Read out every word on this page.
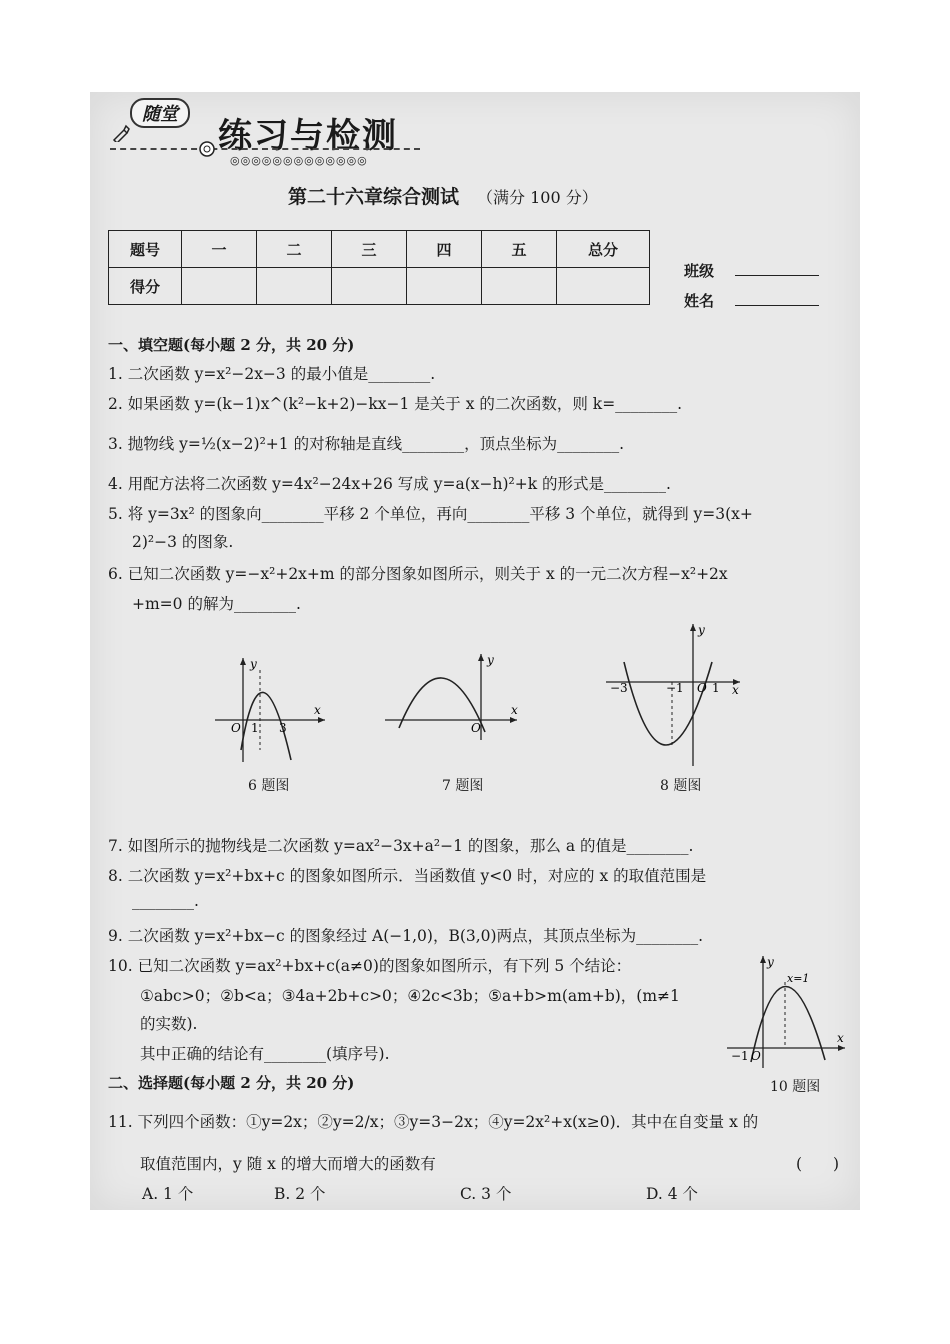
随堂
练习与检测
◎◎◎◎◎◎◎◎◎◎◎◎◎
第二十六章综合测试 （满分 100 分）
题号	一	二	三	四	五	总分
得分						
班级
姓名
一、填空题(每小题 2 分，共 20 分)
1. 二次函数 y=x²−2x−3 的最小值是________.
2. 如果函数 y=(k−1)x^(k²−k+2)−kx−1 是关于 x 的二次函数，则 k=________.
3. 抛物线 y=½(x−2)²+1 的对称轴是直线________，顶点坐标为________.
4. 用配方法将二次函数 y=4x²−24x+26 写成 y=a(x−h)²+k 的形式是________.
5. 将 y=3x² 的图象向________平移 2 个单位，再向________平移 3 个单位，就得到 y=3(x+
2)²−3 的图象.
6. 已知二次函数 y=−x²+2x+m 的部分图象如图所示，则关于 x 的一元二次方程−x²+2x
+m=0 的解为________.
y
x
O 1 3
6 题图
y
x
O
7 题图
y
x
−3	−1 O 1
8 题图
7. 如图所示的抛物线是二次函数 y=ax²−3x+a²−1 的图象，那么 a 的值是________.
8. 二次函数 y=x²+bx+c 的图象如图所示．当函数值 y<0 时，对应的 x 的取值范围是
________.
9. 二次函数 y=x²+bx−c 的图象经过 A(−1,0)，B(3,0)两点，其顶点坐标为________.
10. 已知二次函数 y=ax²+bx+c(a≠0)的图象如图所示，有下列 5 个结论：
①abc>0；②b<a；③4a+2b+c>0；④2c<3b；⑤a+b>m(am+b)，(m≠1
的实数).
其中正确的结论有________(填序号).
y
x
x=1
−1 O
10 题图
二、选择题(每小题 2 分，共 20 分)
11. 下列四个函数：①y=2x；②y=2/x；③y=3−2x；④y=2x²+x(x≥0)．其中在自变量 x 的
取值范围内，y 随 x 的增大而增大的函数有	(　　)
A. 1 个	B. 2 个	C. 3 个	D. 4 个
